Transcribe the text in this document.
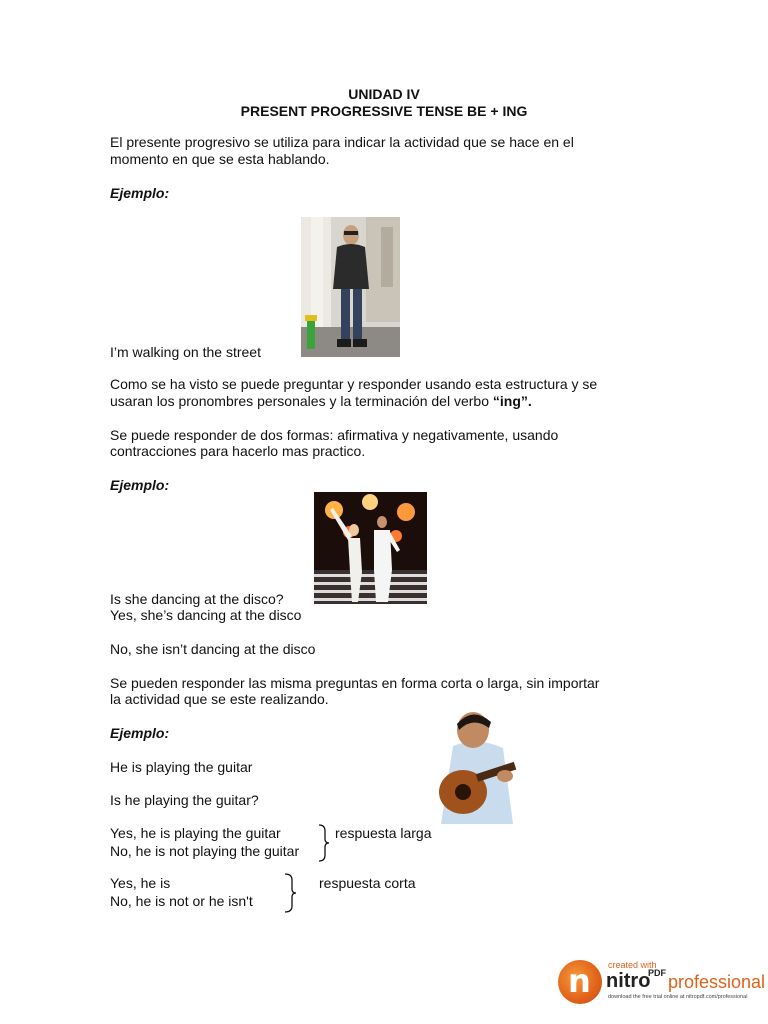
UNIDAD IV
PRESENT PROGRESSIVE TENSE BE + ING
El presente progresivo se utiliza para indicar la actividad que se hace en el
momento en que se esta hablando.
Ejemplo:
I’m walking on the street
Como se ha visto se puede preguntar y responder usando esta estructura y se
usaran los pronombres personales y la terminación del verbo “ing”.
Se puede responder de dos formas: afirmativa y negativamente, usando
contracciones para hacerlo mas practico.
Ejemplo:
Is she dancing at the disco?
Yes, she’s dancing at the disco
No, she isn’t dancing at the disco
Se pueden responder las misma preguntas en forma corta o larga, sin importar
la actividad que se este realizando.
Ejemplo:
He is playing the guitar
Is he playing the guitar?
Yes, he is playing the guitar
No, he is not playing the guitar
respuesta larga
Yes, he is
No, he is not or he isn't
respuesta corta
n created with
nitro
PDF professional
download the free trial online at nitropdf.com/professional
